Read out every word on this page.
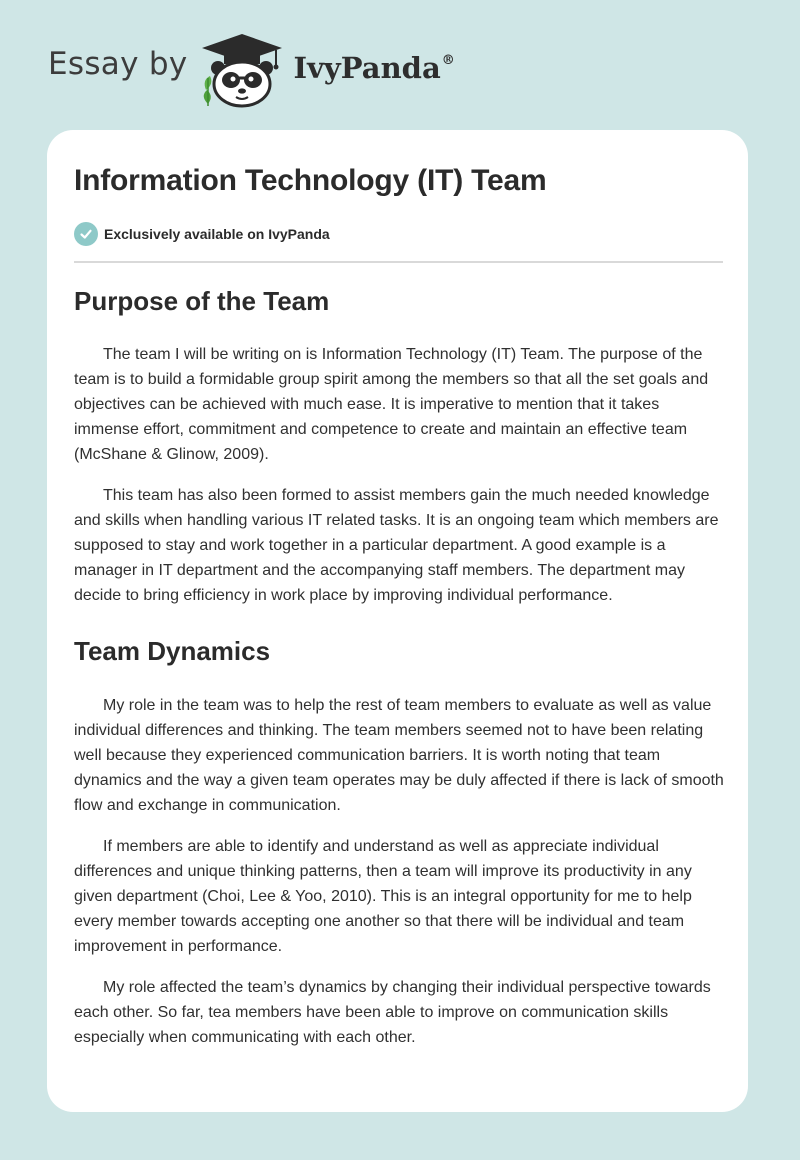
Essay by	IvyPanda®
Information Technology (IT) Team
Exclusively available on IvyPanda
Purpose of the Team

The team I will be writing on is Information Technology (IT) Team. The purpose of the team is to build a formidable group spirit among the members so that all the set goals and objectives can be achieved with much ease. It is imperative to mention that it takes immense effort, commitment and competence to create and maintain an effective team (McShane & Glinow, 2009).

This team has also been formed to assist members gain the much needed knowledge and skills when handling various IT related tasks. It is an ongoing team which members are supposed to stay and work together in a particular department. A good example is a manager in IT department and the accompanying staff members. The department may decide to bring efficiency in work place by improving individual performance.

Team Dynamics

My role in the team was to help the rest of team members to evaluate as well as value individual differences and thinking. The team members seemed not to have been relating well because they experienced communication barriers. It is worth noting that team dynamics and the way a given team operates may be duly affected if there is lack of smooth flow and exchange in communication.

If members are able to identify and understand as well as appreciate individual differences and unique thinking patterns, then a team will improve its productivity in any given department (Choi, Lee & Yoo, 2010). This is an integral opportunity for me to help every member towards accepting one another so that there will be individual and team improvement in performance.

My role affected the team’s dynamics by changing their individual perspective towards each other. So far, tea members have been able to improve on communication skills especially when communicating with each other.
